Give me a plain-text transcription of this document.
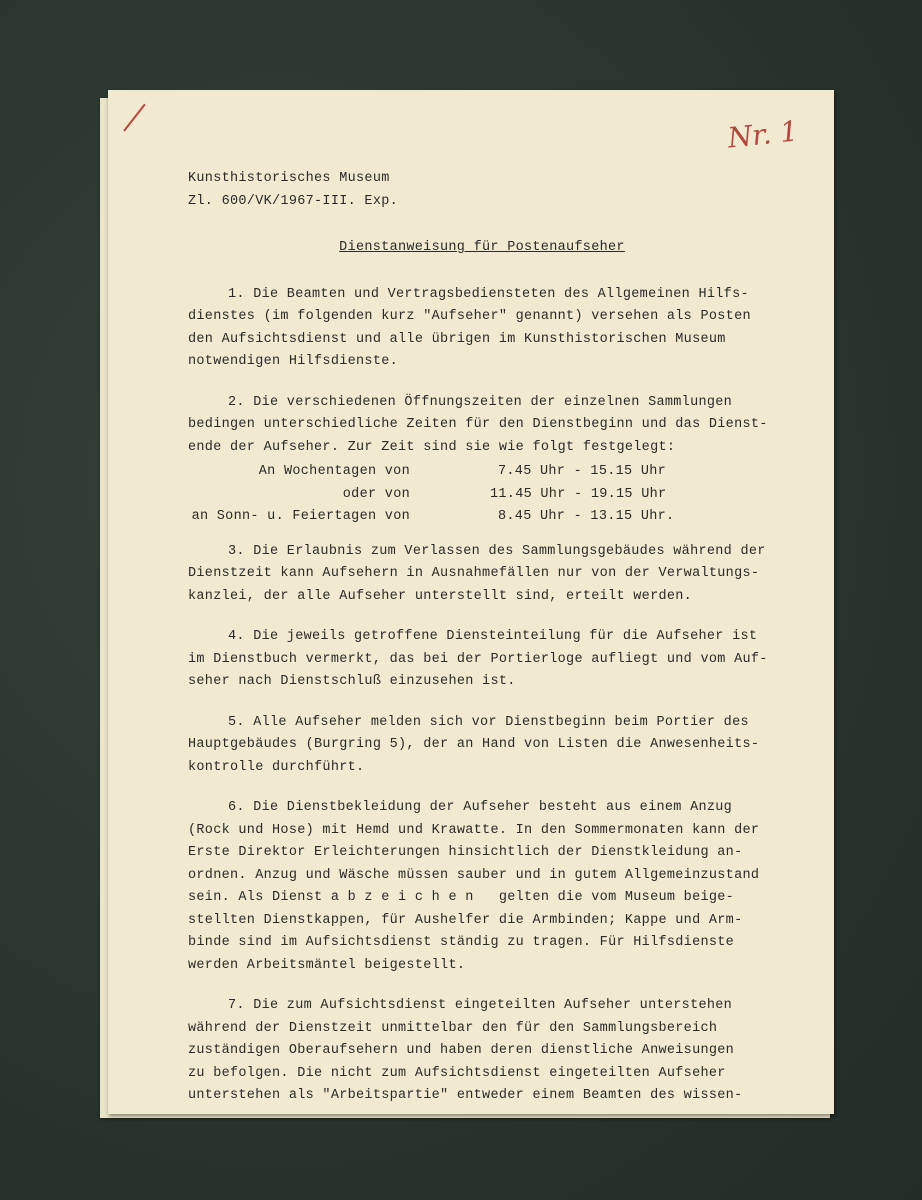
Nr. 1
Kunsthistorisches Museum
Zl. 600/VK/1967-III. Exp.
Dienstanweisung für Postenaufseher
1. Die Beamten und Vertragsbediensteten des Allgemeinen Hilfs-
dienstes (im folgenden kurz "Aufseher" genannt) versehen als Posten
den Aufsichtsdienst und alle übrigen im Kunsthistorischen Museum
notwendigen Hilfsdienste.
2. Die verschiedenen Öffnungszeiten der einzelnen Sammlungen
bedingen unterschiedliche Zeiten für den Dienstbeginn und das Dienst-
ende der Aufseher. Zur Zeit sind sie wie folgt festgelegt:
An Wochentagen von	7.45 Uhr - 15.15 Uhr
oder von	11.45 Uhr - 19.15 Uhr
an Sonn- u. Feiertagen von	8.45 Uhr - 13.15 Uhr.
3. Die Erlaubnis zum Verlassen des Sammlungsgebäudes während der
Dienstzeit kann Aufsehern in Ausnahmefällen nur von der Verwaltungs-
kanzlei, der alle Aufseher unterstellt sind, erteilt werden.
4. Die jeweils getroffene Diensteinteilung für die Aufseher ist
im Dienstbuch vermerkt, das bei der Portierloge aufliegt und vom Auf-
seher nach Dienstschluß einzusehen ist.
5. Alle Aufseher melden sich vor Dienstbeginn beim Portier des
Hauptgebäudes (Burgring 5), der an Hand von Listen die Anwesenheits-
kontrolle durchführt.
6. Die Dienstbekleidung der Aufseher besteht aus einem Anzug
(Rock und Hose) mit Hemd und Krawatte. In den Sommermonaten kann der
Erste Direktor Erleichterungen hinsichtlich der Dienstkleidung an-
ordnen. Anzug und Wäsche müssen sauber und in gutem Allgemeinzustand
sein. Als Dienst a b z e i c h e n   gelten die vom Museum beige-
stellten Dienstkappen, für Aushelfer die Armbinden; Kappe und Arm-
binde sind im Aufsichtsdienst ständig zu tragen. Für Hilfsdienste
werden Arbeitsmäntel beigestellt.
7. Die zum Aufsichtsdienst eingeteilten Aufseher unterstehen
während der Dienstzeit unmittelbar den für den Sammlungsbereich
zuständigen Oberaufsehern und haben deren dienstliche Anweisungen
zu befolgen. Die nicht zum Aufsichtsdienst eingeteilten Aufseher
unterstehen als "Arbeitspartie" entweder einem Beamten des wissen-
